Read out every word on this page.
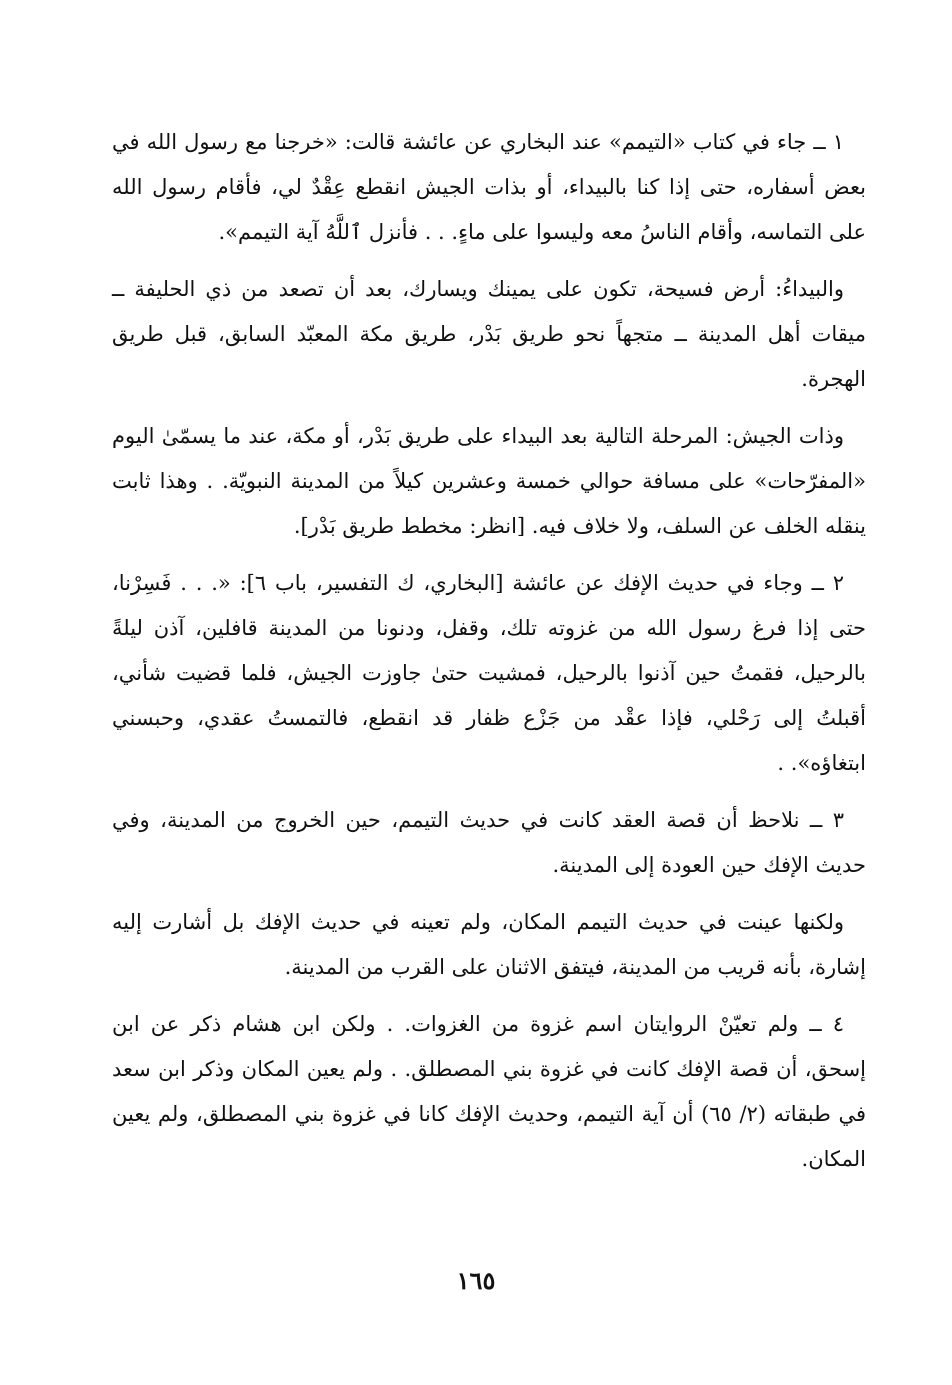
١ ــ جاء في كتاب «التيمم» عند البخاري عن عائشة قالت: «خرجنا مع رسول الله في بعض أسفاره، حتى إذا كنا بالبيداء، أو بذات الجيش انقطع عِقْدٌ لي، فأقام رسول الله على التماسه، وأقام الناسُ معه وليسوا على ماءٍ. . . فأنزل ٱللَّهُ آية التيمم».

والبيداءُ: أرض فسيحة، تكون على يمينك ويسارك، بعد أن تصعد من ذي الحليفة ــ ميقات أهل المدينة ــ متجهاً نحو طريق بَدْر، طريق مكة المعبّد السابق، قبل طريق الهجرة.

وذات الجيش: المرحلة التالية بعد البيداء على طريق بَدْر، أو مكة، عند ما يسمّىٰ اليوم «المفرّحات» على مسافة حوالي خمسة وعشرين كيلاً من المدينة النبويّة. . وهذا ثابت ينقله الخلف عن السلف، ولا خلاف فيه. [انظر: مخطط طريق بَدْر].

٢ ــ وجاء في حديث الإفك عن عائشة [البخاري، ك التفسير، باب ٦]: «. . . فَسِرْنا، حتى إذا فرغ رسول الله من غزوته تلك، وقفل، ودنونا من المدينة قافلين، آذن ليلةً بالرحيل، فقمتُ حين آذنوا بالرحيل، فمشيت حتىٰ جاوزت الجيش، فلما قضيت شأني، أقبلتُ إلى رَحْلي، فإذا عقْد من جَزْع ظفار قد انقطع، فالتمستُ عقدي، وحبسني ابتغاؤه». .

٣ ــ نلاحظ أن قصة العقد كانت في حديث التيمم، حين الخروج من المدينة، وفي حديث الإفك حين العودة إلى المدينة.

ولكنها عينت في حديث التيمم المكان، ولم تعينه في حديث الإفك بل أشارت إليه إشارة، بأنه قريب من المدينة، فيتفق الاثنان على القرب من المدينة.

٤ ــ ولم تعيّنْ الروايتان اسم غزوة من الغزوات. . ولكن ابن هشام ذكر عن ابن إسحق، أن قصة الإفك كانت في غزوة بني المصطلق. . ولم يعين المكان وذكر ابن سعد في طبقاته (٢/ ٦٥) أن آية التيمم، وحديث الإفك كانا في غزوة بني المصطلق، ولم يعين المكان.

١٦٥
